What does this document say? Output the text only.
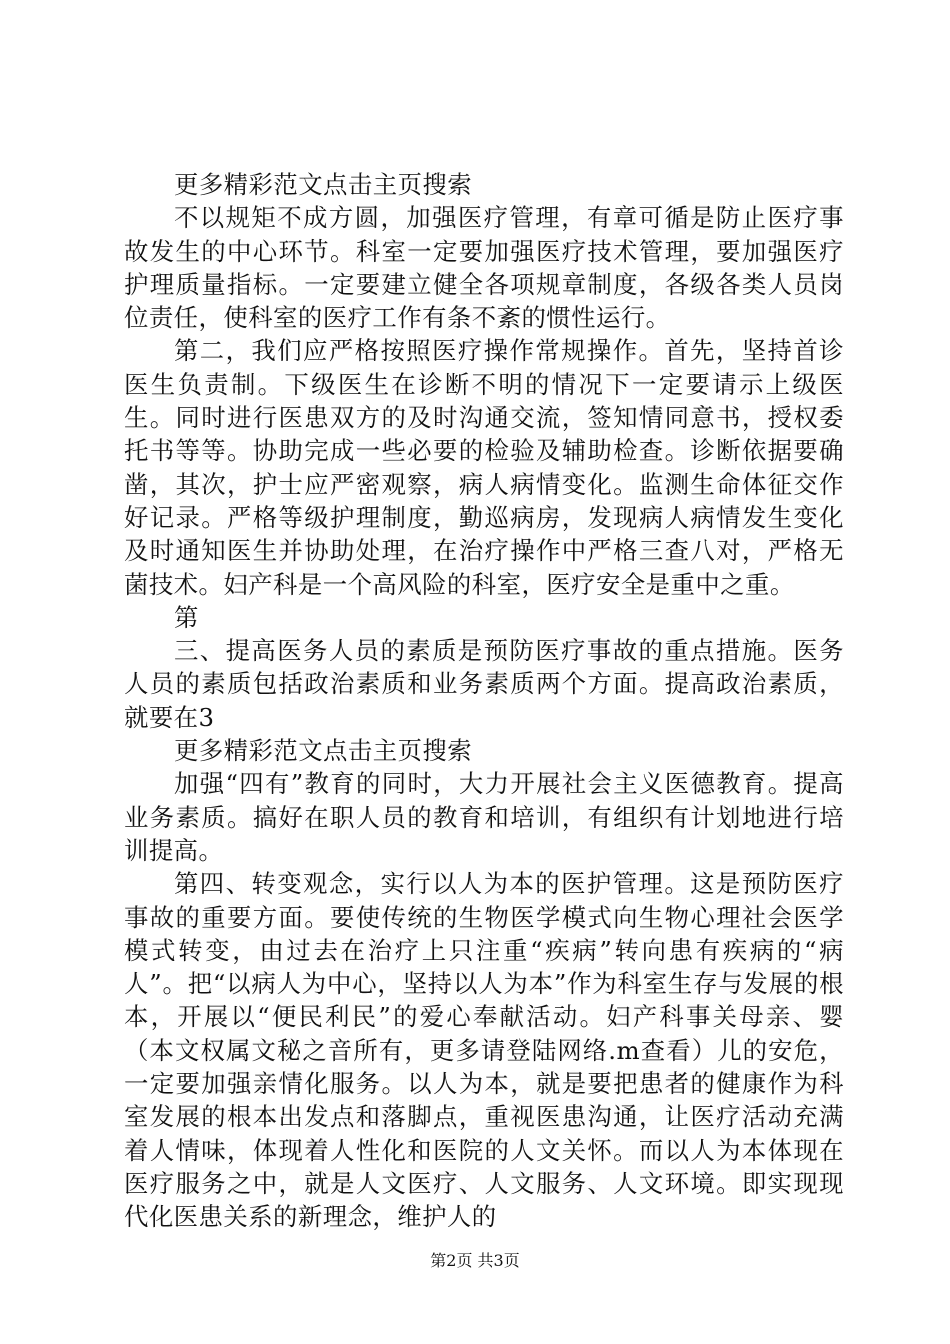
更多精彩范文点击主页搜索

不以规矩不成方圆，加强医疗管理，有章可循是防止医疗事故发生的中心环节。科室一定要加强医疗技术管理，要加强医疗护理质量指标。一定要建立健全各项规章制度，各级各类人员岗位责任，使科室的医疗工作有条不紊的惯性运行。

第二，我们应严格按照医疗操作常规操作。首先，坚持首诊医生负责制。下级医生在诊断不明的情况下一定要请示上级医生。同时进行医患双方的及时沟通交流，签知情同意书，授权委托书等等。协助完成一些必要的检验及辅助检查。诊断依据要确凿，其次，护士应严密观察，病人病情变化。监测生命体征交作好记录。严格等级护理制度，勤巡病房，发现病人病情发生变化及时通知医生并协助处理，在治疗操作中严格三查八对，严格无菌技术。妇产科是一个高风险的科室，医疗安全是重中之重。

第

三、提高医务人员的素质是预防医疗事故的重点措施。医务人员的素质包括政治素质和业务素质两个方面。提高政治素质，就要在3

更多精彩范文点击主页搜索

加强“四有”教育的同时，大力开展社会主义医德教育。提高业务素质。搞好在职人员的教育和培训，有组织有计划地进行培训提高。

第四、转变观念，实行以人为本的医护管理。这是预防医疗事故的重要方面。要使传统的生物医学模式向生物心理社会医学模式转变，由过去在治疗上只注重“疾病”转向患有疾病的“病人”。把“以病人为中心，坚持以人为本”作为科室生存与发展的根本，开展以“便民利民”的爱心奉献活动。妇产科事关母亲、婴（本文权属文秘之音所有，更多请登陆网络.m查看）儿的安危，一定要加强亲情化服务。以人为本，就是要把患者的健康作为科室发展的根本出发点和落脚点，重视医患沟通，让医疗活动充满着人情味，体现着人性化和医院的人文关怀。而以人为本体现在医疗服务之中，就是人文医疗、人文服务、人文环境。即实现现代化医患关系的新理念，维护人的

第2页 共3页
